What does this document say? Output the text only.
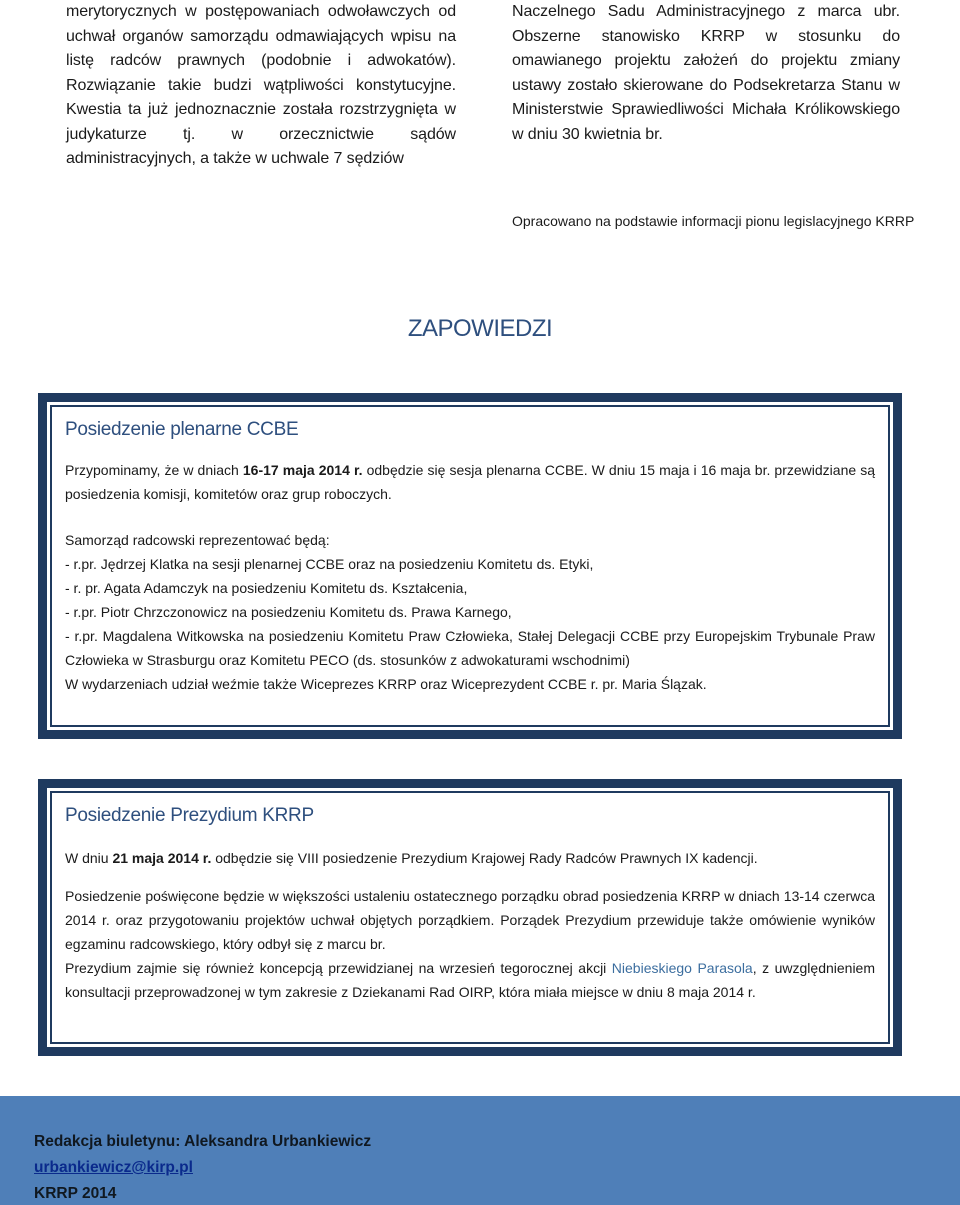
merytorycznych w postępowaniach odwoławczych od uchwał organów samorządu odmawiających wpisu na listę radców prawnych (podobnie i adwokatów). Rozwiązanie takie budzi wątpliwości konstytucyjne. Kwestia ta już jednoznacznie została rozstrzygnięta w judykaturze tj. w orzecznictwie sądów administracyjnych, a także w uchwale 7 sędziów
Naczelnego Sadu Administracyjnego z marca ubr. Obszerne stanowisko KRRP w stosunku do omawianego projektu założeń do projektu zmiany ustawy zostało skierowane do Podsekretarza Stanu w Ministerstwie Sprawiedliwości Michała Królikowskiego w dniu 30 kwietnia br.
Opracowano na podstawie informacji pionu legislacyjnego KRRP
ZAPOWIEDZI

Posiedzenie plenarne CCBE

Przypominamy, że w dniach 16-17 maja 2014 r. odbędzie się sesja plenarna CCBE. W dniu 15 maja i 16 maja br. przewidziane są posiedzenia komisji, komitetów oraz grup roboczych.

Samorząd radcowski reprezentować będą:

- r.pr. Jędrzej Klatka na sesji plenarnej CCBE oraz na posiedzeniu Komitetu ds. Etyki,

- r. pr. Agata Adamczyk na posiedzeniu Komitetu ds. Kształcenia,

- r.pr. Piotr Chrzczonowicz na posiedzeniu Komitetu ds. Prawa Karnego,

- r.pr. Magdalena Witkowska na posiedzeniu Komitetu Praw Człowieka, Stałej Delegacji CCBE przy Europejskim Trybunale Praw Człowieka w Strasburgu oraz Komitetu PECO (ds. stosunków z adwokaturami wschodnimi)

W wydarzeniach udział weźmie także Wiceprezes KRRP oraz Wiceprezydent CCBE r. pr. Maria Ślązak.

Posiedzenie Prezydium KRRP

W dniu 21 maja 2014 r. odbędzie się VIII posiedzenie Prezydium Krajowej Rady Radców Prawnych IX kadencji.

Posiedzenie poświęcone będzie w większości ustaleniu ostatecznego porządku obrad posiedzenia KRRP w dniach 13-14 czerwca 2014 r. oraz przygotowaniu projektów uchwał objętych porządkiem. Porządek Prezydium przewiduje także omówienie wyników egzaminu radcowskiego, który odbył się z marcu br.

Prezydium zajmie się również koncepcją przewidzianej na wrzesień tegorocznej akcji Niebieskiego Parasola, z uwzględnieniem konsultacji przeprowadzonej w tym zakresie z Dziekanami Rad OIRP, która miała miejsce w dniu 8 maja 2014 r.

Redakcja biuletynu: Aleksandra Urbankiewicz
urbankiewicz@kirp.pl
KRRP 2014
